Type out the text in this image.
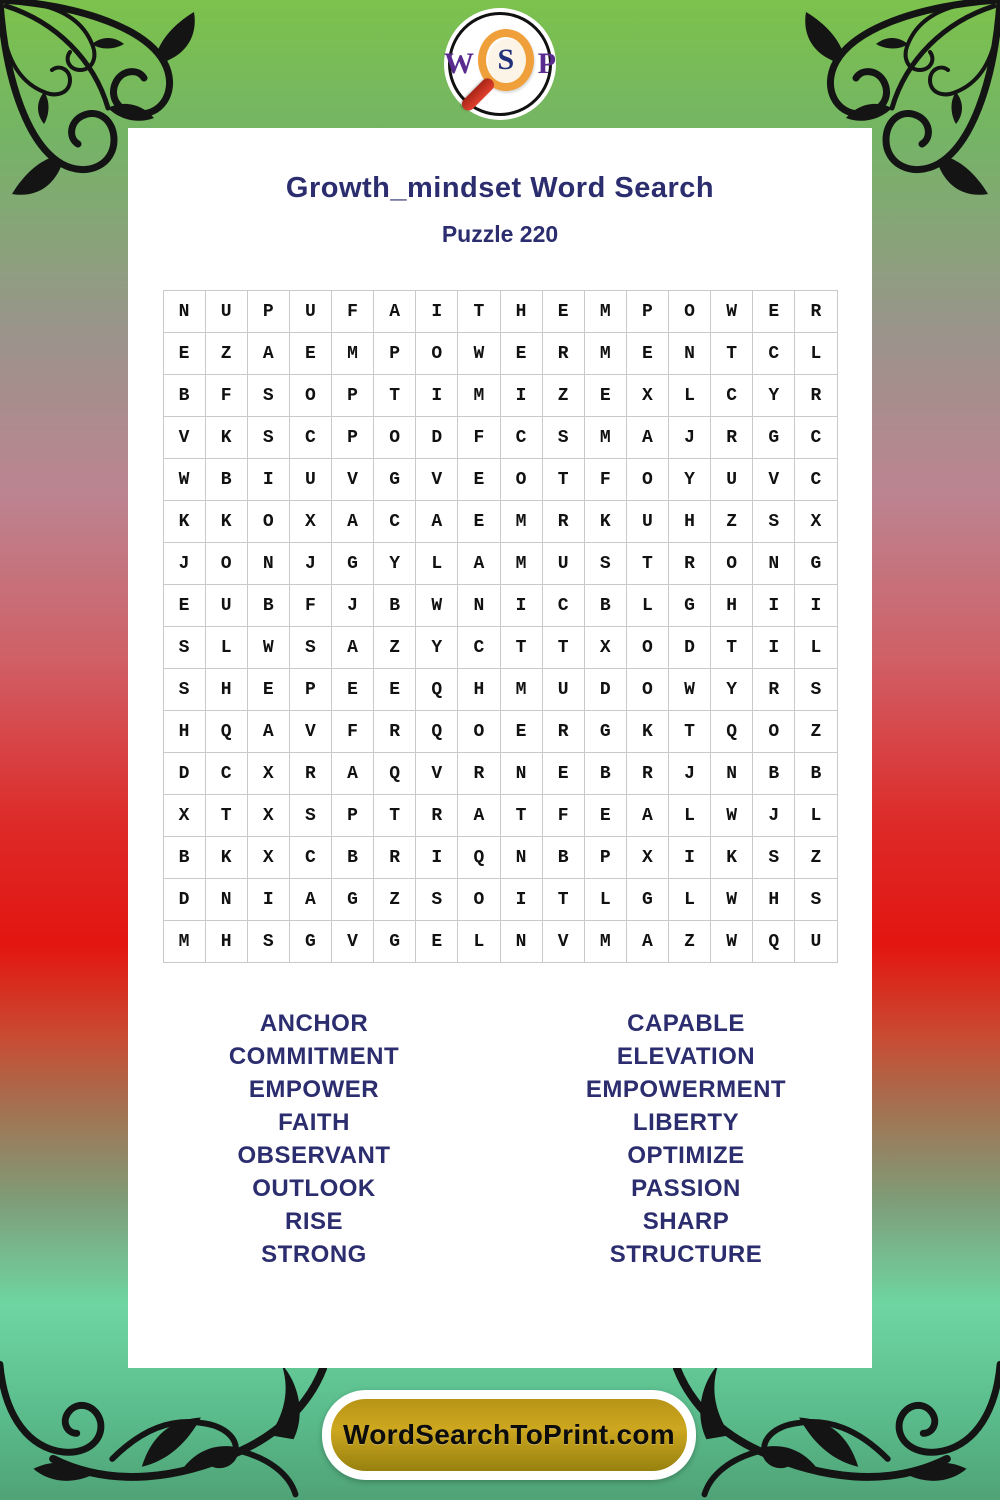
W S P
Growth_mindset Word Search
Puzzle 220
N	U	P	U	F	A	I	T	H	E	M	P	O	W	E	R
E	Z	A	E	M	P	O	W	E	R	M	E	N	T	C	L
B	F	S	O	P	T	I	M	I	Z	E	X	L	C	Y	R
V	K	S	C	P	O	D	F	C	S	M	A	J	R	G	C
W	B	I	U	V	G	V	E	O	T	F	O	Y	U	V	C
K	K	O	X	A	C	A	E	M	R	K	U	H	Z	S	X
J	O	N	J	G	Y	L	A	M	U	S	T	R	O	N	G
E	U	B	F	J	B	W	N	I	C	B	L	G	H	I	I
S	L	W	S	A	Z	Y	C	T	T	X	O	D	T	I	L
S	H	E	P	E	E	Q	H	M	U	D	O	W	Y	R	S
H	Q	A	V	F	R	Q	O	E	R	G	K	T	Q	O	Z
D	C	X	R	A	Q	V	R	N	E	B	R	J	N	B	B
X	T	X	S	P	T	R	A	T	F	E	A	L	W	J	L
B	K	X	C	B	R	I	Q	N	B	P	X	I	K	S	Z
D	N	I	A	G	Z	S	O	I	T	L	G	L	W	H	S
M	H	S	G	V	G	E	L	N	V	M	A	Z	W	Q	U
ANCHOR
COMMITMENT
EMPOWER
FAITH
OBSERVANT
OUTLOOK
RISE
STRONG
CAPABLE
ELEVATION
EMPOWERMENT
LIBERTY
OPTIMIZE
PASSION
SHARP
STRUCTURE
WordSearchToPrint.com
